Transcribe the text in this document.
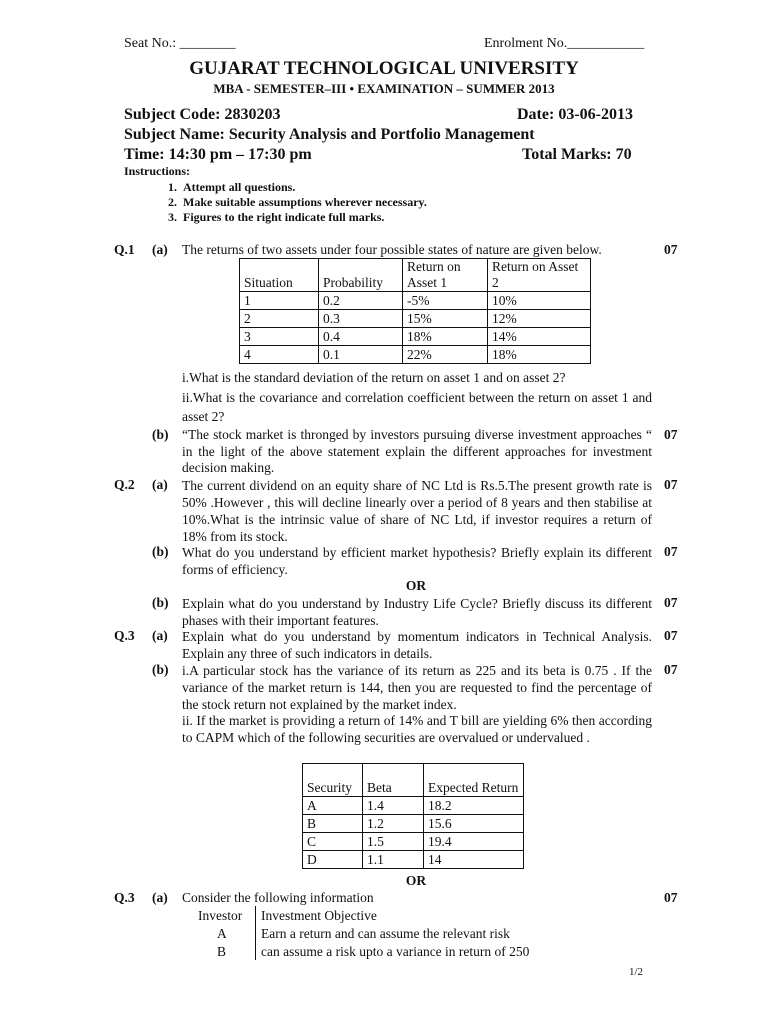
Seat No.: ________	Enrolment No.___________
GUJARAT TECHNOLOGICAL UNIVERSITY
MBA - SEMESTER–III • EXAMINATION – SUMMER 2013
Subject Code: 2830203	Date: 03-06-2013
Subject Name: Security Analysis and Portfolio Management
Time: 14:30 pm – 17:30 pm	Total Marks: 70
Instructions:
1.  Attempt all questions.
2.  Make suitable assumptions wherever necessary.
3.  Figures to the right indicate full marks.
Q.1 (a) The returns of two assets under four possible states of nature are given below.	07
Situation	Probability	Return on Asset 1	Return on Asset 2
1	0.2	-5%	10%
2	0.3	15%	12%
3	0.4	18%	14%
4	0.1	22%	18%
i.What is the standard deviation of the return on asset 1 and on asset 2?
ii.What is the covariance and correlation coefficient between the return on asset 1 and asset 2?
(b) “The stock market is thronged by investors pursuing diverse investment approaches “ in the light of the above statement explain the different approaches for investment decision making.
07
Q.2 (a) The current dividend on an equity share of NC Ltd is Rs.5.The present growth rate is 50% .However , this will decline linearly over a period of 8 years and then stabilise at 10%.What is the intrinsic value of share of NC Ltd, if investor requires a return of 18% from its stock.
07
(b) What do you understand by efficient market hypothesis? Briefly explain its different forms of efficiency.
07
OR
(b) Explain what do you understand by Industry Life Cycle? Briefly discuss its different phases with their important features.
07
Q.3 (a) Explain what do you understand by momentum indicators in Technical Analysis. Explain any three of such indicators in details.
07
(b) i.A particular stock has the variance of its return as 225 and its beta is 0.75 . If the variance of the market return is 144, then you are requested to find the percentage of the stock return not explained by the market index.
07
ii. If the market is providing a return of 14% and T bill are yielding 6% then according to CAPM which of the following securities are overvalued or undervalued .
Security	Beta	Expected Return
A	1.4	18.2
B	1.2	15.6
C	1.5	19.4
D	1.1	14
OR
Q.3 (a) Consider the following information	07
Investor Investment Objective
A	Earn a return and can assume the relevant risk
B	can assume a risk upto a variance in return of 250
1/2
